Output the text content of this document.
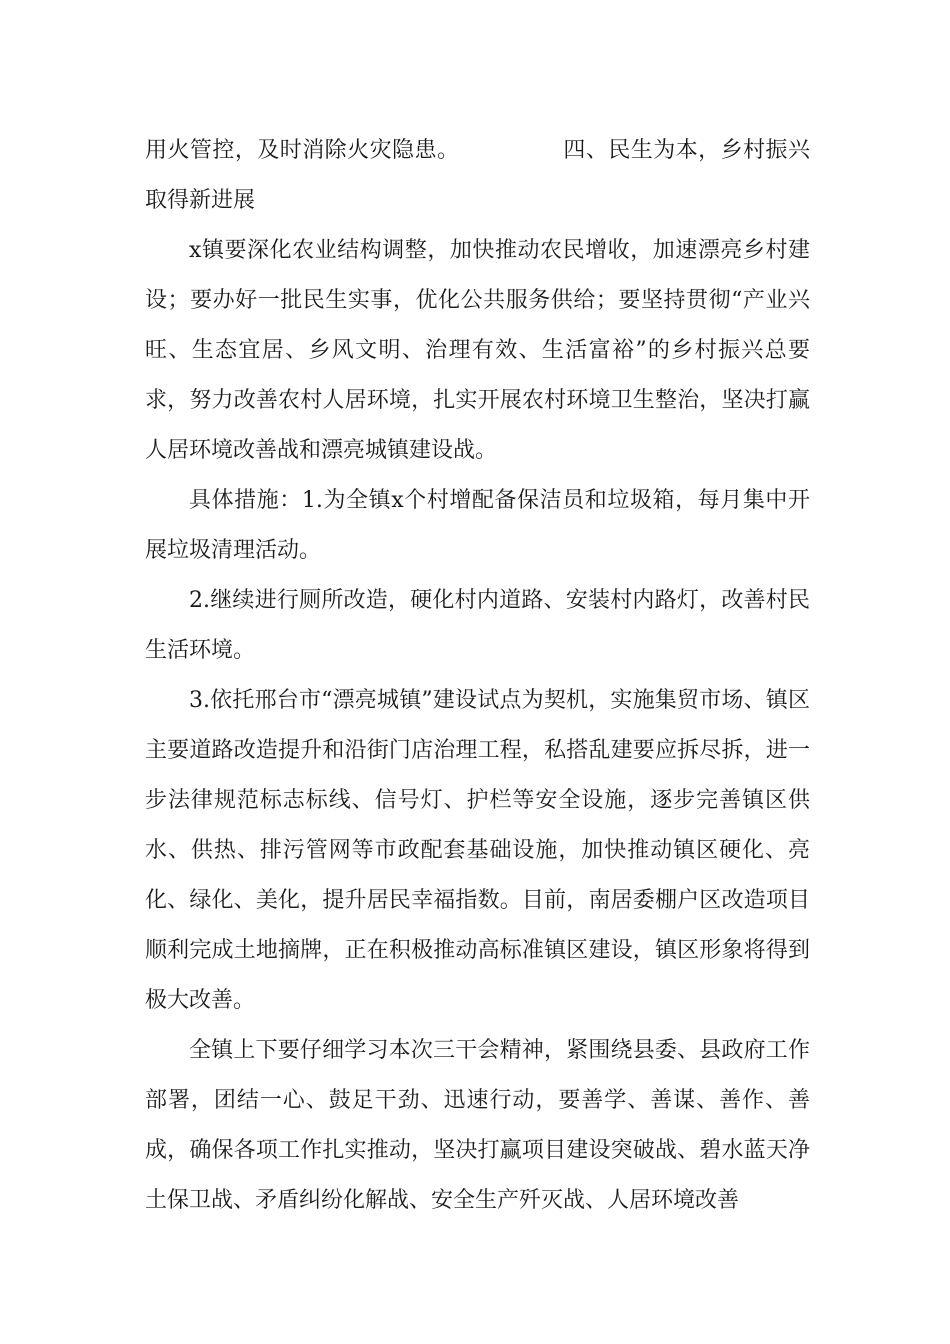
用火管控，及时消除火灾隐患。	四、民生为本，乡村振兴取得新进展

x镇要深化农业结构调整，加快推动农民增收，加速漂亮乡村建设；要办好一批民生实事，优化公共服务供给；要坚持贯彻“产业兴旺、生态宜居、乡风文明、治理有效、生活富裕”的乡村振兴总要求，努力改善农村人居环境，扎实开展农村环境卫生整治，坚决打赢人居环境改善战和漂亮城镇建设战。

具体措施：1.为全镇x个村增配备保洁员和垃圾箱，每月集中开展垃圾清理活动。

2.继续进行厕所改造，硬化村内道路、安装村内路灯，改善村民生活环境。

3.依托邢台市“漂亮城镇”建设试点为契机，实施集贸市场、镇区主要道路改造提升和沿街门店治理工程，私搭乱建要应拆尽拆，进一步法律规范标志标线、信号灯、护栏等安全设施，逐步完善镇区供水、供热、排污管网等市政配套基础设施，加快推动镇区硬化、亮化、绿化、美化，提升居民幸福指数。目前，南居委棚户区改造项目顺利完成土地摘牌，正在积极推动高标准镇区建设，镇区形象将得到极大改善。

全镇上下要仔细学习本次三干会精神，紧围绕县委、县政府工作部署，团结一心、鼓足干劲、迅速行动，要善学、善谋、善作、善成，确保各项工作扎实推动，坚决打赢项目建设突破战、碧水蓝天净土保卫战、矛盾纠纷化解战、安全生产歼灭战、人居环境改善
